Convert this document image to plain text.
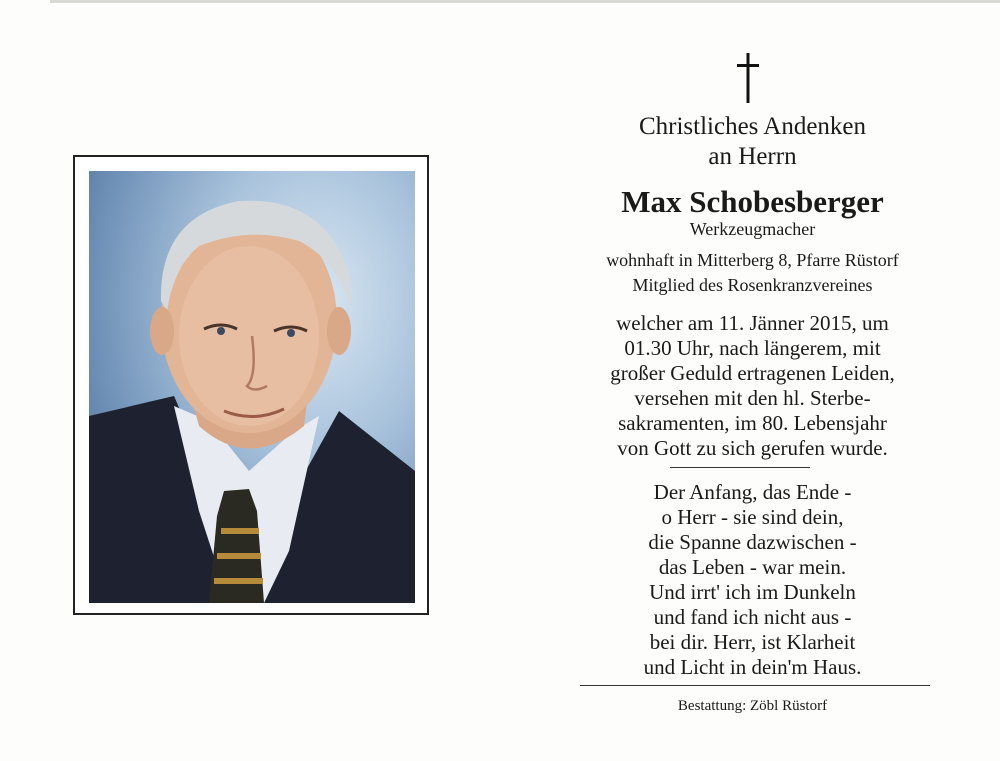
Christliches Andenken
an Herrn
Max Schobesberger
Werkzeugmacher
wohnhaft in Mitterberg 8, Pfarre Rüstorf
Mitglied des Rosenkranzvereines
welcher am 11. Jänner 2015, um
01.30 Uhr, nach längerem, mit
großer Geduld ertragenen Leiden,
versehen mit den hl. Sterbe-
sakramenten, im 80. Lebensjahr
von Gott zu sich gerufen wurde.
Der Anfang, das Ende -
o Herr - sie sind dein,
die Spanne dazwischen -
das Leben - war mein.
Und irrt' ich im Dunkeln
und fand ich nicht aus -
bei dir. Herr, ist Klarheit
und Licht in dein'm Haus.
Bestattung: Zöbl Rüstorf
